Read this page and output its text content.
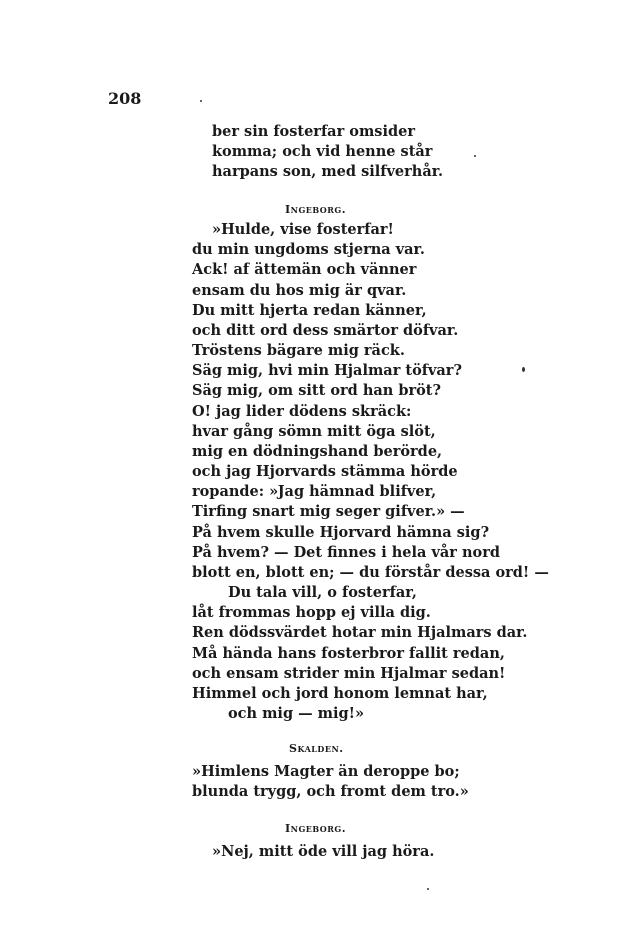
208
ber sin fosterfar omsider
komma; och vid henne står
harpans son, med silfverhår.
Ingeborg.
»Hulde, vise fosterfar!
du min ungdoms stjerna var.
Ack! af ättemän och vänner
ensam du hos mig är qvar.
Du mitt hjerta redan känner,
och ditt ord dess smärtor döfvar.
Tröstens bägare mig räck.
Säg mig, hvi min Hjalmar töfvar?
Säg mig, om sitt ord han bröt?
O! jag lider dödens skräck:
hvar gång sömn mitt öga slöt,
mig en dödningshand berörde,
och jag Hjorvards stämma hörde
ropande: »Jag hämnad blifver,
Tirfing snart mig seger gifver.» —
På hvem skulle Hjorvard hämna sig?
På hvem? — Det finnes i hela vår nord
blott en, blott en; — du förstår dessa ord! —
Du tala vill, o fosterfar,
låt frommas hopp ej villa dig.
Ren dödssvärdet hotar min Hjalmars dar.
Må hända hans fosterbror fallit redan,
och ensam strider min Hjalmar sedan!
Himmel och jord honom lemnat har,
och mig — mig!»
Skalden.
»Himlens Magter än deroppe bo;
blunda trygg, och fromt dem tro.»
Ingeborg.
»Nej, mitt öde vill jag höra.
